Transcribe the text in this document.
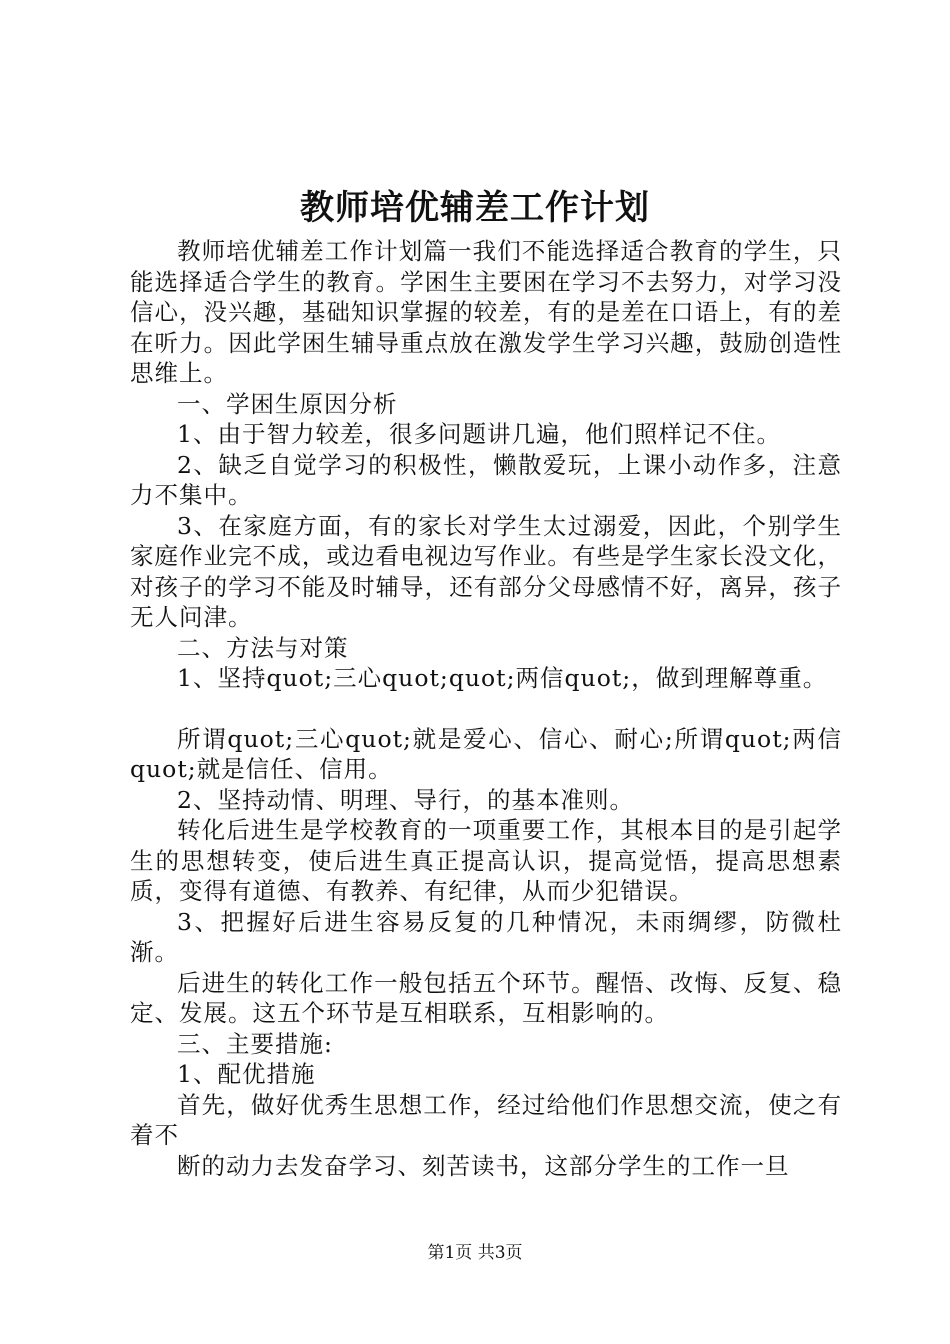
教师培优辅差工作计划

教师培优辅差工作计划篇一我们不能选择适合教育的学生，只能选择适合学生的教育。学困生主要困在学习不去努力，对学习没信心，没兴趣，基础知识掌握的较差，有的是差在口语上，有的差在听力。因此学困生辅导重点放在激发学生学习兴趣，鼓励创造性思维上。

一、学困生原因分析

1、由于智力较差，很多问题讲几遍，他们照样记不住。

2、缺乏自觉学习的积极性，懒散爱玩，上课小动作多，注意力不集中。

3、在家庭方面，有的家长对学生太过溺爱，因此，个别学生家庭作业完不成，或边看电视边写作业。有些是学生家长没文化，对孩子的学习不能及时辅导，还有部分父母感情不好，离异，孩子无人问津。

二、方法与对策

1、坚持quot;三心quot;quot;两信quot;，做到理解尊重。

所谓quot;三心quot;就是爱心、信心、耐心;所谓quot;两信quot;就是信任、信用。

2、坚持动情、明理、导行，的基本准则。

转化后进生是学校教育的一项重要工作，其根本目的是引起学生的思想转变，使后进生真正提高认识，提高觉悟，提高思想素质，变得有道德、有教养、有纪律，从而少犯错误。

3、把握好后进生容易反复的几种情况，未雨绸缪，防微杜渐。

后进生的转化工作一般包括五个环节。醒悟、改悔、反复、稳定、发展。这五个环节是互相联系，互相影响的。

三、主要措施:

1、配优措施

首先，做好优秀生思想工作，经过给他们作思想交流，使之有着不

断的动力去发奋学习、刻苦读书，这部分学生的工作一旦

第1页 共3页
